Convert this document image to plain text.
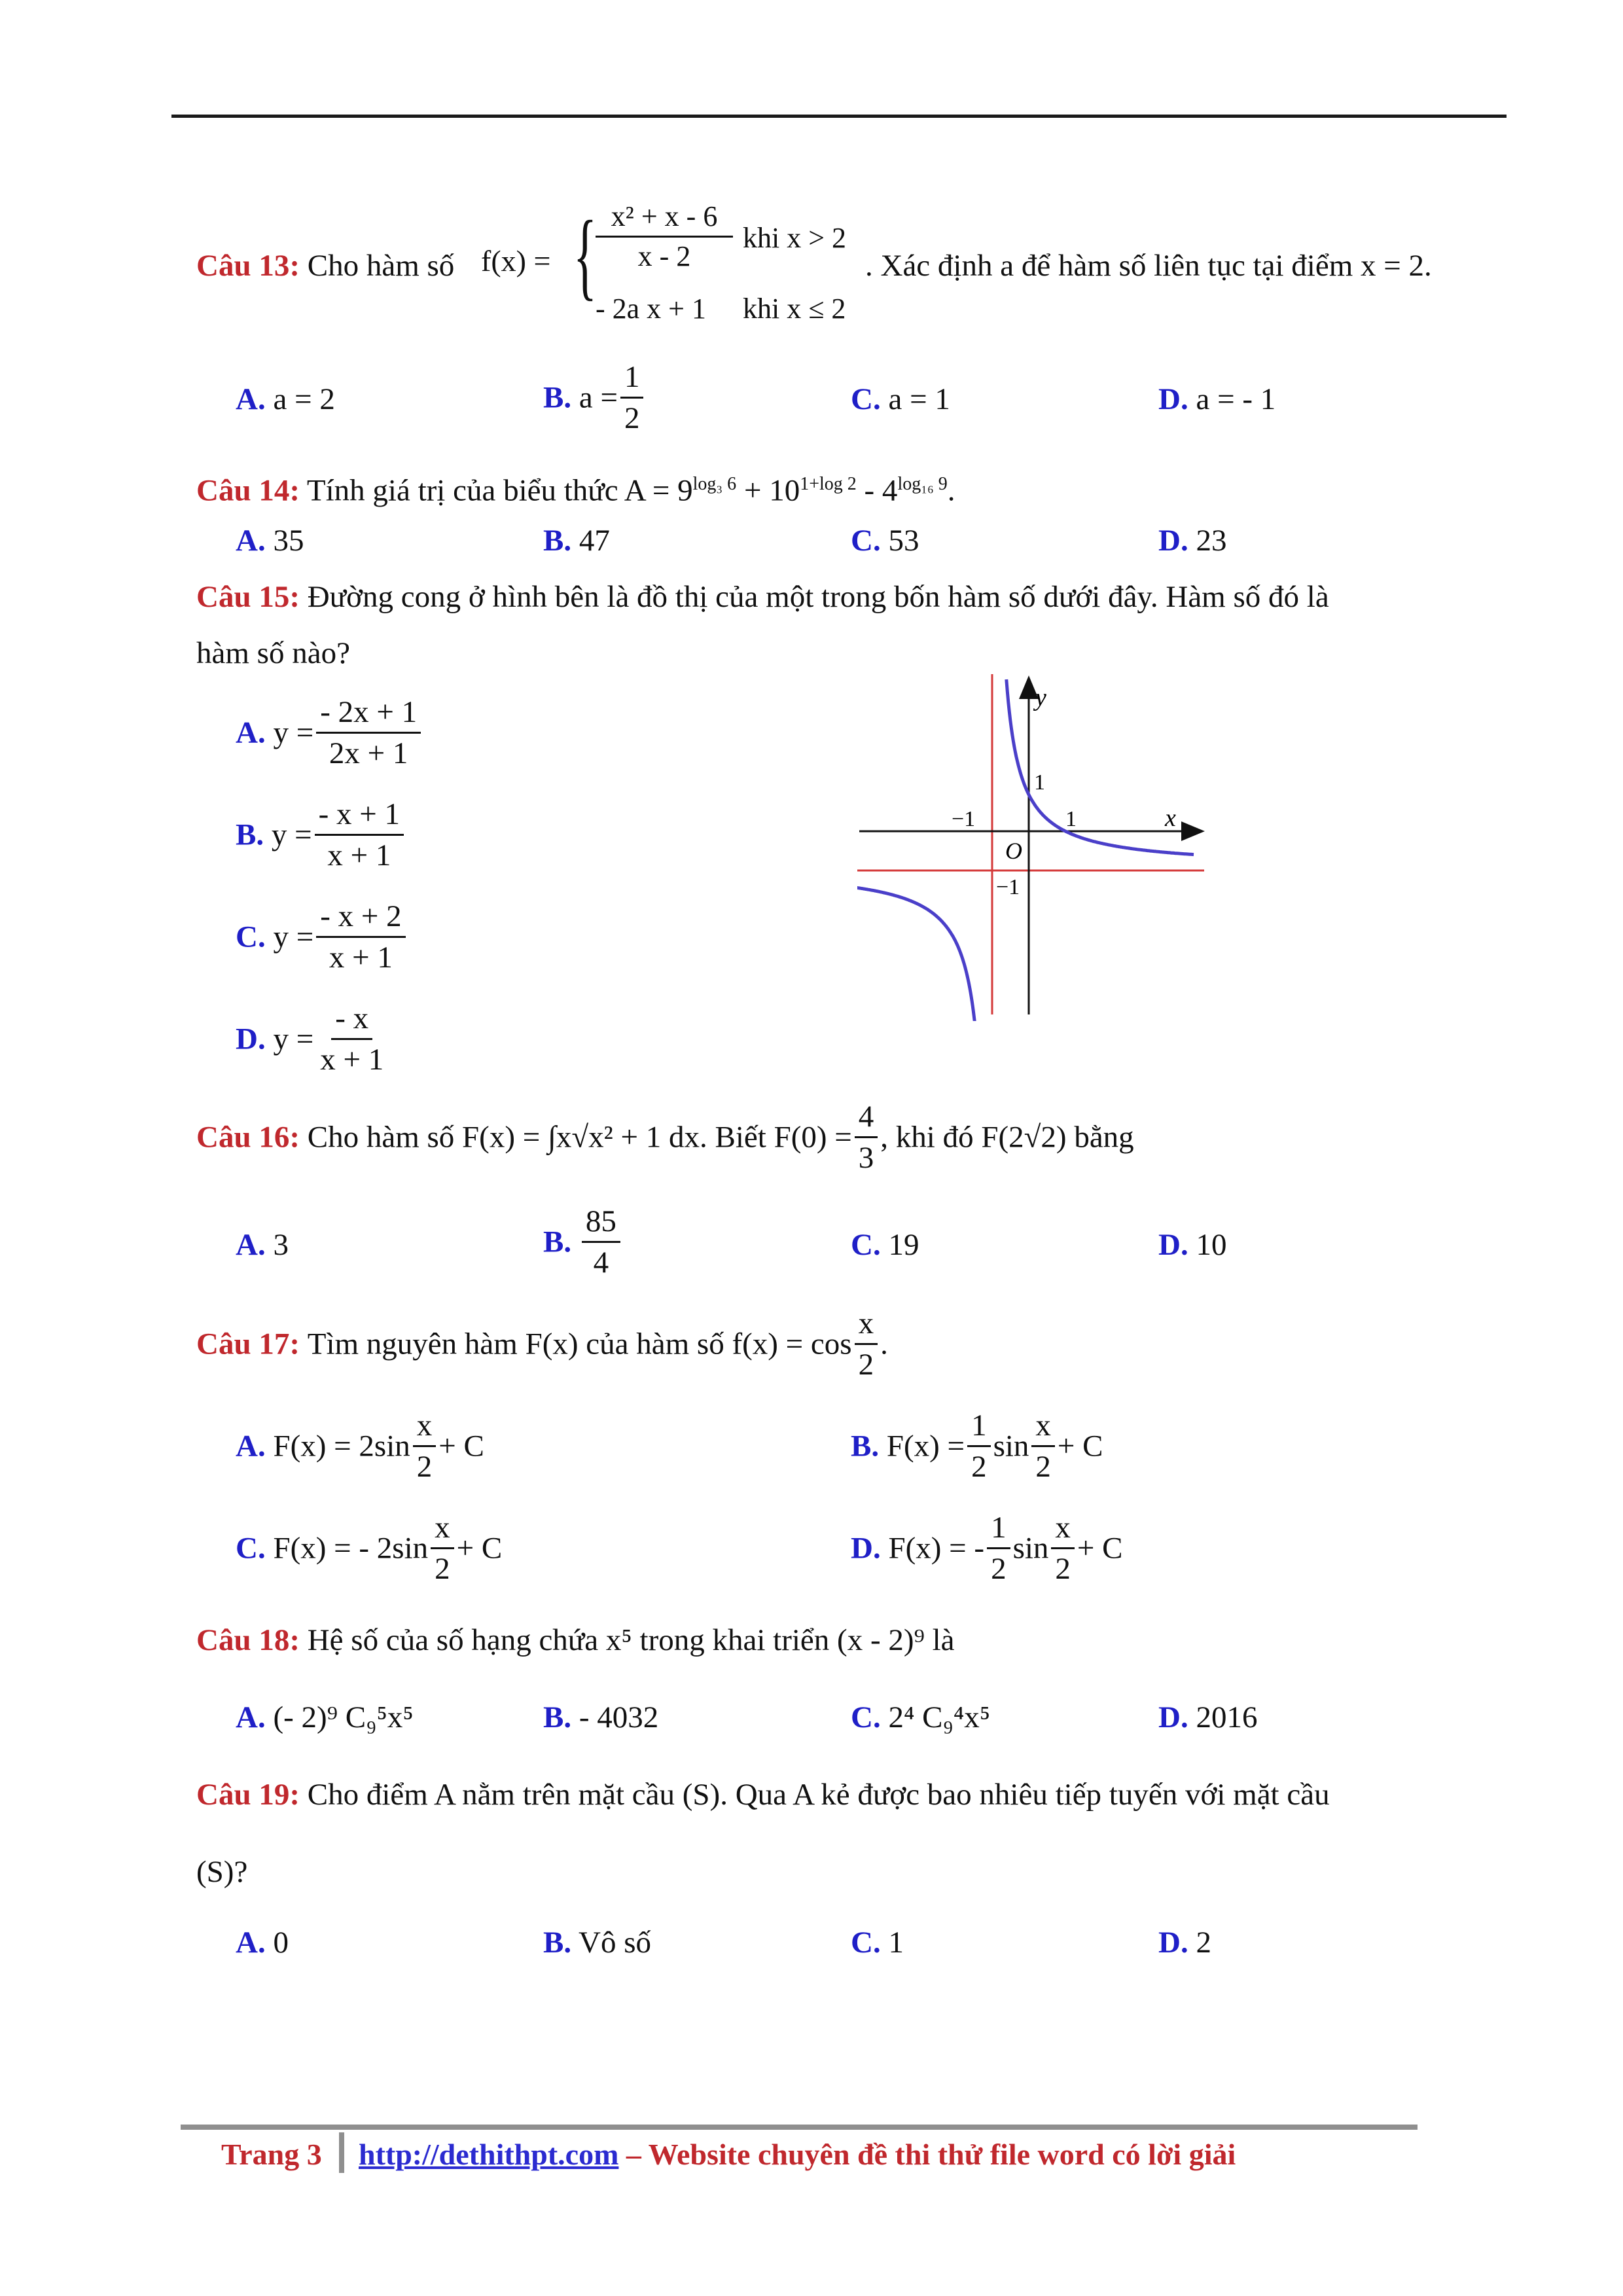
Câu 13: Cho hàm số f(x) = {
$\frac{\text{x² + x - 6}}{x - 2}$ khi x > 2
- 2a x + 1 khi x ≤ 2
. Xác định a để hàm số liên tục tại điểm x = 2.
A. a = 2	B. $a = \frac{1}{2}$	C. a = 1	D. a = - 1
Câu 14: Tính giá trị của biểu thức $A = 9^{log_3 6} + 10^{1+log 2} - 4^{log_{16} 9}$.
A. 35	B. 47	C. 53	D. 23
Câu 15: Đường cong ở hình bên là đồ thị của một trong bốn hàm số dưới đây. Hàm số đó là
hàm số nào?
A. $y = \frac{- 2x + 1}{2x + 1}$
B. $y = \frac{- x + 1}{x + 1}$
C. $y = \frac{- x + 2}{x + 1}$
D. $y = \frac{- x}{x + 1}$
y
x
O
−1	1
1
−1
Câu 16: Cho hàm số F(x) = ∫x√x² + 1 dx. Biết $F(0) = \frac{4}{3}$ , khi đó F(2√2) bằng
A. 3	B. $\frac{85}{4}$	C. 19	D. 10
Câu 17: Tìm nguyên hàm F(x) của hàm số $f(x) = \cos \frac{x}{2}$ .
A. $F(x) = 2\sin \frac{x}{2} + C$	B. $F(x) = \frac{1}{2}$ $\sin \frac{x}{2} + C$
C. F(x) = - $2\sin \frac{x}{2} + C$	D. F(x) = - $\frac{1}{2}$ $\sin \frac{x}{2} + C$
Câu 18: Hệ số của số hạng chứa x⁵ trong khai triển (x - 2)⁹ là
A. (- 2)⁹ C₉⁵x⁵	B. - 4032	C. 2⁴ C₉⁴x⁵	D. 2016
Câu 19: Cho điểm A nằm trên mặt cầu (S). Qua A kẻ được bao nhiêu tiếp tuyến với mặt cầu
(S)?
A. 0	B. Vô số	C. 1	D. 2
Trang 3 http://dethithpt.com – Website chuyên đề thi thử file word có lời giải
